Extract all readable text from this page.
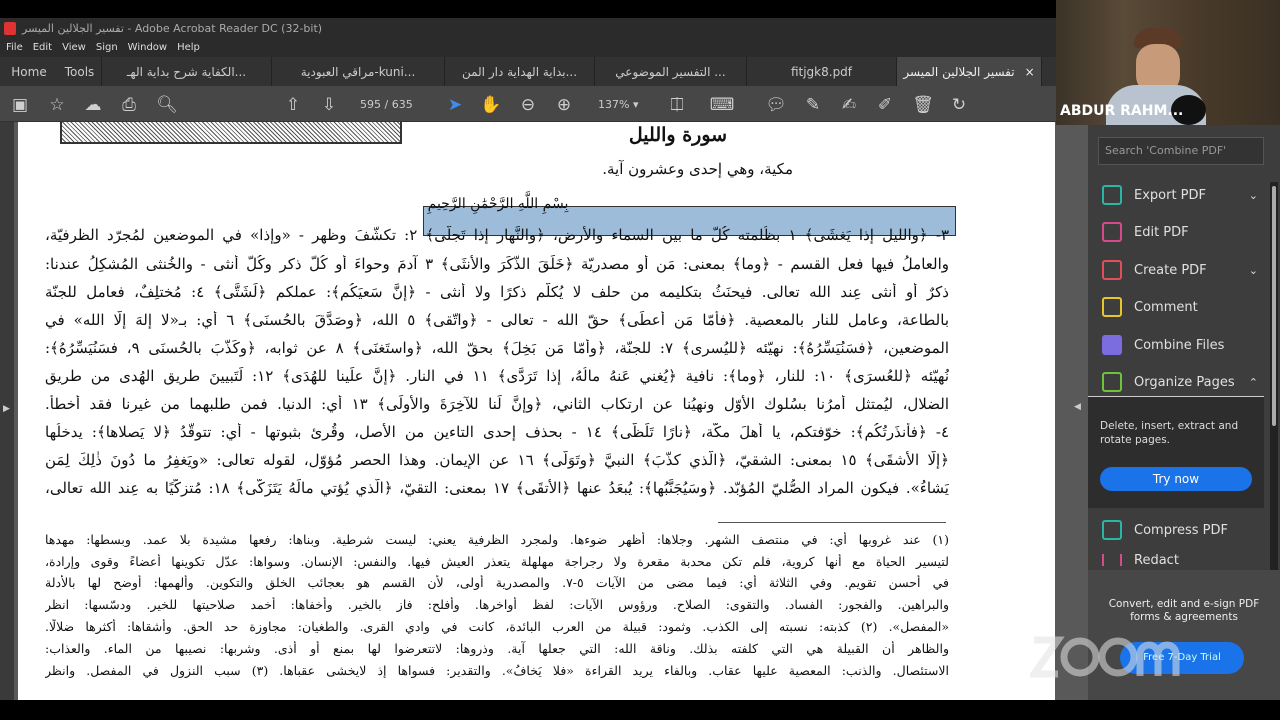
تفسير الجلالين الميسر - Adobe Acrobat Reader DC (32-bit)
File Edit View Sign Window Help
Home	Tools	الكفاية شرح بداية الهـ...	مراقي العبودية-kuni...	بداية الهداية دار المن...	التفسير الموضوعي ...	fitjgk8.pdf	تفسير الجلالين الميسر ×
▣ ☆ ☁ ⎙ 🔍︎	⇧ ⇩	595 / 635 ➤ ✋ ⊖ ⊕	137% ▾ ⎅ ⌨ 💬︎ ✎ ✍ ✐ 🗑︎ ↻
▶
سورة والليل
مكية، وهي إحدى وعشرون آية.
بِسْمِ اللَّهِ الرَّحْمَٰنِ الرَّحِيمِ
٣- ﴿والليلِ إذا يَغشَى﴾ ١ بظُلمته كُلّ ما بين السماء والأرض، ﴿والنَّهارِ إذا تَجلَّى﴾ ٢: تكشّفَ وظهر - «وإذا» في الموضعين لمُجرّد الظرفيّة،
والعاملُ فيها فعل القسم - ﴿وما﴾ بمعنى: مَن أو مصدريّة ﴿خَلَقَ الذَّكَرَ والأُنثَى﴾ ٣ آدمَ وحواءَ أو كُلَّ ذكر وكُلَّ أُنثى - والخُنثى المُشكِلُ عندنا:
ذكرٌ أو أنثى عِند الله تعالى. فيحنَثُ بتكليمه من حلف لا يُكلّم ذكرًا ولا أُنثى - ﴿إنَّ سَعيَكُم﴾: عملكم ﴿لَشَتَّى﴾ ٤: مُختلِفٌ، فعامل للجنّة
بالطاعة، وعامل للنار بالمعصية. ﴿فأمّا مَن أعطَى﴾ حقّ الله - تعالى - ﴿واتّقى﴾ ٥ الله، ﴿وصَدَّقَ بالحُسنَى﴾ ٦ أي: بـ«لا إلهَ إلّا الله» في
الموضعين، ﴿فسَنُيَسِّرُهُ﴾: نهيّئه ﴿لليُسرى﴾ ٧: للجنّة، ﴿وأمّا مَن بَخِلَ﴾ بحقّ الله، ﴿واستَغنَى﴾ ٨ عن ثوابه، ﴿وكَذَّبَ بالحُسنَى ٩، فسَنُيَسِّرُهُ﴾:
نُهيّئه ﴿للعُسرَى﴾ ١٠: للنار، ﴿وما﴾: نافية ﴿يُغني عَنهُ مالُهُ، إذا تَرَدَّى﴾ ١١ في النار. ﴿إنَّ علَينا للهُدَى﴾ ١٢: لَتَبيينَ طريقِ الهُدى من طريق
الضلال، ليُمتثل أمرُنا بسُلوك الأوّل ونهيُنا عن ارتكاب الثاني، ﴿وإنَّ لَنا للآخِرَةَ والأُولَى﴾ ١٣ أي: الدنيا. فمن طلبهما من غيرنا فقد أخطأ.
٤- ﴿فأنذَرتُكُم﴾: خوّفتكم، يا أهلَ مكّة، ﴿نارًا تَلَظَّى﴾ ١٤ - بحذف إحدى التاءين من الأصل، وقُرئ بثبوتها - أي: تتوقّدُ ﴿لا يَصلاها﴾: يدخلُها
﴿إلّا الأشقَى﴾ ١٥ بمعنى: الشقيّ، ﴿الّذي كذَّبَ﴾ النبيَّ ﴿وتَوَلَّى﴾ ١٦ عن الإيمان. وهذا الحصر مُؤوّل، لقوله تعالى: «ويَغفِرُ ما دُونَ ذٰلِكَ لِمَن
يَشاءُ». فيكون المراد الصُّليّ المُؤبّد. ﴿وسَيُجَنَّبُها﴾: يُبعَدُ عنها ﴿الأتقَى﴾ ١٧ بمعنى: التقيّ، ﴿الّذي يُؤتي مالَهُ يَتَزَكَّى﴾ ١٨: مُتزكّيًا به عِند الله تعالى،
(١) عند غروبها أي: في منتصف الشهر. وجلاها: أظهر ضوءها. ولمجرد الظرفية يعني: ليست شرطية. وبناها: رفعها مشيدة بلا عمد. وبسطها: مهدها
لتيسير الحياة مع أنها كروية، فلم تكن محدبة مقعرة ولا رجراجة مهلهلة يتعذر العيش فيها. والنفس: الإنسان. وسواها: عدّل تكوينها أعضاءً وقوى وإرادة،
في أحسن تقويم. وفي الثلاثة أي: فيما مضى من الآيات ٥-٧. والمصدرية أولى، لأن القسم هو بعجائب الخلق والتكوين. وألهمها: أوضح لها بالأدلة
والبراهين. والفجور: الفساد. والتقوى: الصلاح. ورؤوس الآيات: لفظ أواخرها. وأفلح: فاز بالخير. وأخفاها: أخمد صلاحيتها للخير. ودسّسها: انظر
«المفصل». (٢) كذبته: نسبته إلى الكذب. وثمود: قبيلة من العرب البائدة، كانت في وادي القرى. والطغيان: مجاوزة حد الحق. وأشقاها: أكثرها ضلالًا.
والظاهر أن القبيلة هي التي كلفته بذلك. وناقة الله: التي جعلها آية. وذروها: لاتتعرضوا لها بمنع أو أذى. وشربها: نصيبها من الماء. والعذاب:
الاستئصال. والذنب: المعصية عليها عقاب. وبالفاء يريد القراءة «فلا يَخافُ». والتقدير: فسواها إذ لايخشى عقباها. (٣) سبب النزول في المفصل. وانظر
◀
Search 'Combine PDF'
Export PDF	⌄
Edit PDF
Create PDF	⌄
Comment
Combine Files
Organize Pages ⌃
Delete, insert, extract and rotate pages.
Try now
Compress PDF
Redact
Convert, edit and e-sign PDF forms & agreements
Free 7-Day Trial
ABDUR RAHM...
